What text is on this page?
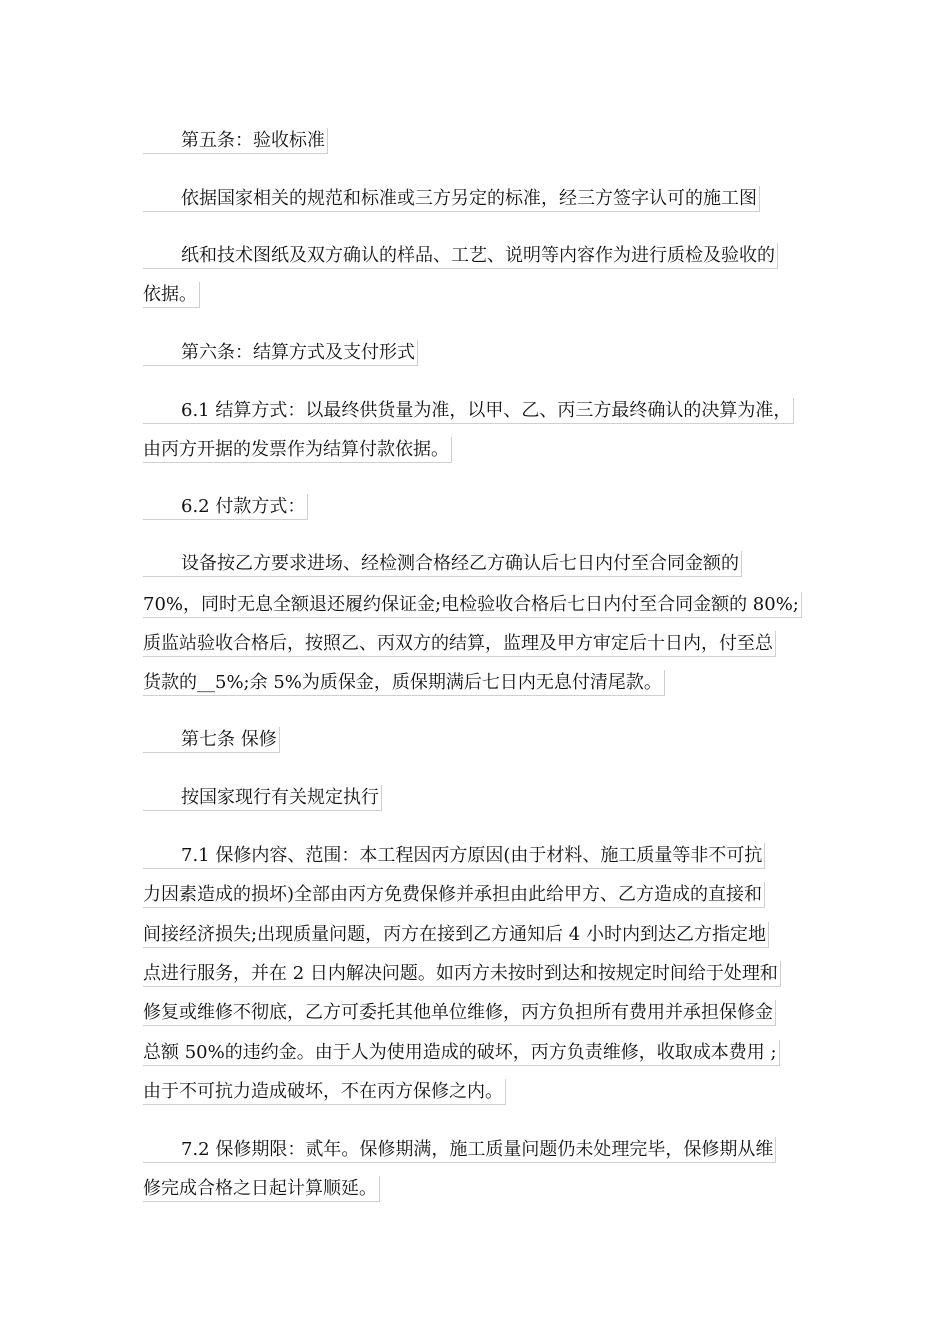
第五条：验收标准
依据国家相关的规范和标准或三方另定的标准，经三方签字认可的施工图
纸和技术图纸及双方确认的样品、工艺、说明等内容作为进行质检及验收的
依据。
第六条：结算方式及支付形式
6.1 结算方式：以最终供货量为准，以甲、乙、丙三方最终确认的决算为准，
由丙方开据的发票作为结算付款依据。
6.2 付款方式：
设备按乙方要求进场、经检测合格经乙方确认后七日内付至合同金额的
70%，同时无息全额退还履约保证金;电检验收合格后七日内付至合同金额的 80%;
质监站验收合格后，按照乙、丙双方的结算，监理及甲方审定后十日内，付至总
货款的__5%;余 5%为质保金，质保期满后七日内无息付清尾款。
第七条 保修
按国家现行有关规定执行
7.1 保修内容、范围：本工程因丙方原因(由于材料、施工质量等非不可抗
力因素造成的损坏)全部由丙方免费保修并承担由此给甲方、乙方造成的直接和
间接经济损失;出现质量问题，丙方在接到乙方通知后 4 小时内到达乙方指定地
点进行服务，并在 2 日内解决问题。如丙方未按时到达和按规定时间给于处理和
修复或维修不彻底，乙方可委托其他单位维修，丙方负担所有费用并承担保修金
总额 50%的违约金。由于人为使用造成的破坏，丙方负责维修，收取成本费用 ;
由于不可抗力造成破坏，不在丙方保修之内。
7.2 保修期限：贰年。保修期满，施工质量问题仍未处理完毕，保修期从维
修完成合格之日起计算顺延。
